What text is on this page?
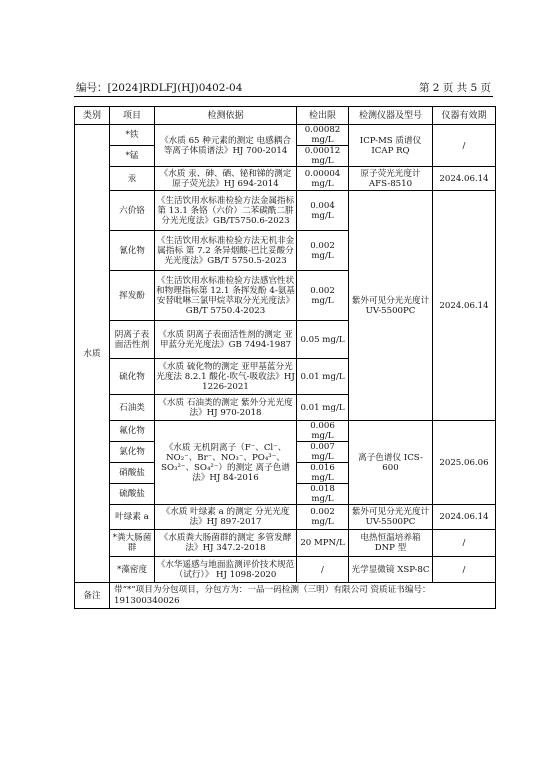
编号：[2024]RDLFJ(HJ)0402-04	第 2 页 共 5 页
类别	项目	检测依据	检出限	检测仪器及型号	仪器有效期
水质	*铁	《水质 65 种元素的测定 电感耦合等离子体质谱法》HJ 700-2014	0.00082 mg/L	ICP-MS 质谱仪 ICAP RQ	/
	*锰		0.00012 mg/L		
	汞	《水质 汞、砷、硒、铋和锑的测定 原子荧光法》HJ 694-2014	0.00004 mg/L	原子荧光光度计 AFS-8510	2024.06.14
	六价铬	《生活饮用水标准检验方法金属指标第 13.1 条铬（六价）二苯碳酰二肼分光光度法》GB/T5750.6-2023	0.004 mg/L	紫外可见分光光度计 UV-5500PC	2024.06.14
	氰化物	《生活饮用水标准检验方法无机非金属指标 第 7.2 条异烟酸-巴比妥酸分光光度法》GB/T 5750.5-2023	0.002 mg/L		
	挥发酚	《生活饮用水标准检验方法感官性状和物理指标第 12.1 条挥发酚 4-氨基安替吡啉三氯甲烷萃取分光光度法》GB/T 5750.4-2023	0.002 mg/L		
	阴离子表面活性剂	《水质 阴离子表面活性剂的测定 亚甲蓝分光光度法》GB 7494-1987	0.05 mg/L		
	硫化物	《水质 硫化物的测定 亚甲基蓝分光光度法 8.2.1 酸化-吹气-吸收法》HJ 1226-2021	0.01 mg/L		
	石油类	《水质 石油类的测定 紫外分光光度法》HJ 970-2018	0.01 mg/L		
	氟化物	《水质 无机阴离子（F⁻、Cl⁻、NO₂⁻、Br⁻、NO₃⁻、PO₄³⁻、SO₃²⁻、SO₄²⁻）的测定 离子色谱法》HJ 84-2016	0.006 mg/L	离子色谱仪 ICS-600	2025.06.06
	氯化物		0.007 mg/L		
	硝酸盐		0.016 mg/L		
	硫酸盐		0.018 mg/L		
	叶绿素 a	《水质 叶绿素 a 的测定 分光光度法》HJ 897-2017	0.002 mg/L	紫外可见分光光度计 UV-5500PC	2024.06.14
	*粪大肠菌群	《水质粪大肠菌群的测定 多管发酵法》HJ 347.2-2018	20 MPN/L	电热恒温培养箱 DNP 型	/
	*藻密度	《水华遥感与地面监测评价技术规范（试行）》 HJ 1098-2020	/	光学显微镜 XSP-8C	/
备注	带“*”项目为分包项目，分包方为：一品一码检测（三明）有限公司 资质证书编号：191300340026				
